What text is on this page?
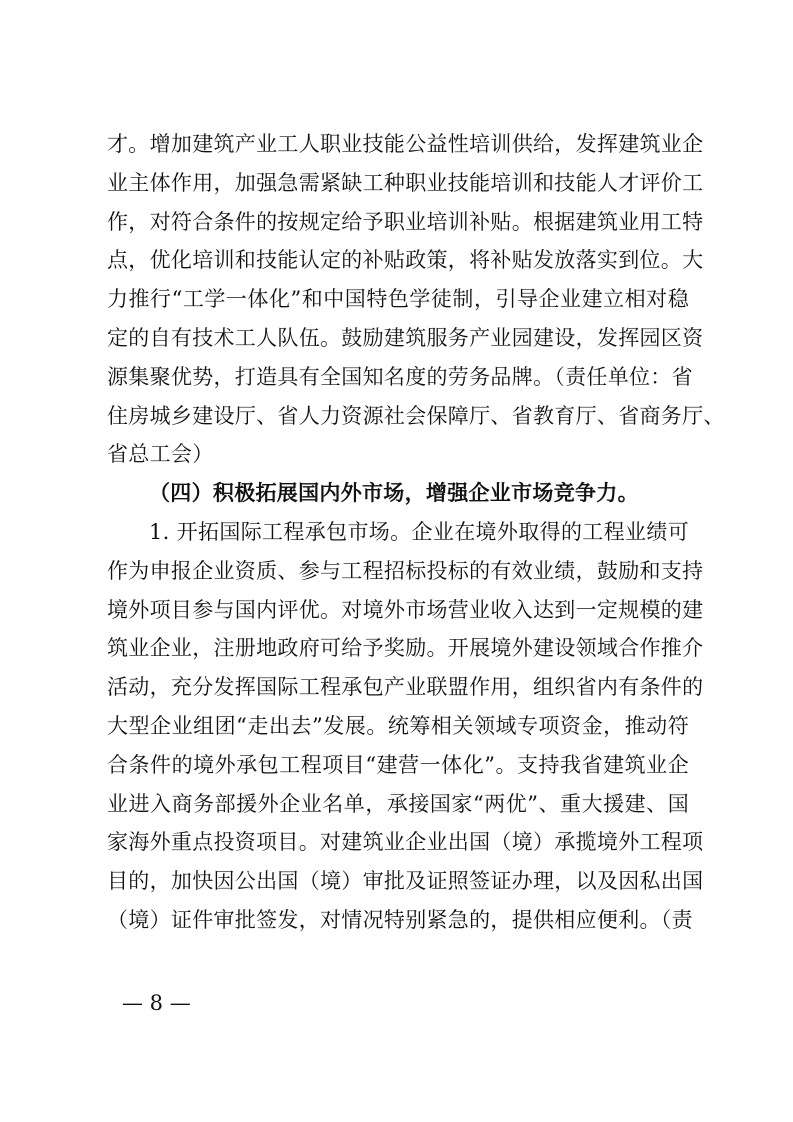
才。增加建筑产业工人职业技能公益性培训供给，发挥建筑业企
业主体作用，加强急需紧缺工种职业技能培训和技能人才评价工
作，对符合条件的按规定给予职业培训补贴。根据建筑业用工特
点，优化培训和技能认定的补贴政策，将补贴发放落实到位。大
力推行“工学一体化”和中国特色学徒制，引导企业建立相对稳
定的自有技术工人队伍。鼓励建筑服务产业园建设，发挥园区资
源集聚优势，打造具有全国知名度的劳务品牌。（责任单位：省
住房城乡建设厅、省人力资源社会保障厅、省教育厅、省商务厅、
省总工会）
（四）积极拓展国内外市场，增强企业市场竞争力。
1. 开拓国际工程承包市场。企业在境外取得的工程业绩可
作为申报企业资质、参与工程招标投标的有效业绩，鼓励和支持
境外项目参与国内评优。对境外市场营业收入达到一定规模的建
筑业企业，注册地政府可给予奖励。开展境外建设领域合作推介
活动，充分发挥国际工程承包产业联盟作用，组织省内有条件的
大型企业组团“走出去”发展。统筹相关领域专项资金，推动符
合条件的境外承包工程项目“建营一体化”。支持我省建筑业企
业进入商务部援外企业名单，承接国家“两优”、重大援建、国
家海外重点投资项目。对建筑业企业出国（境）承揽境外工程项
目的，加快因公出国（境）审批及证照签证办理，以及因私出国
（境）证件审批签发，对情况特别紧急的，提供相应便利。（责
— 8 —
